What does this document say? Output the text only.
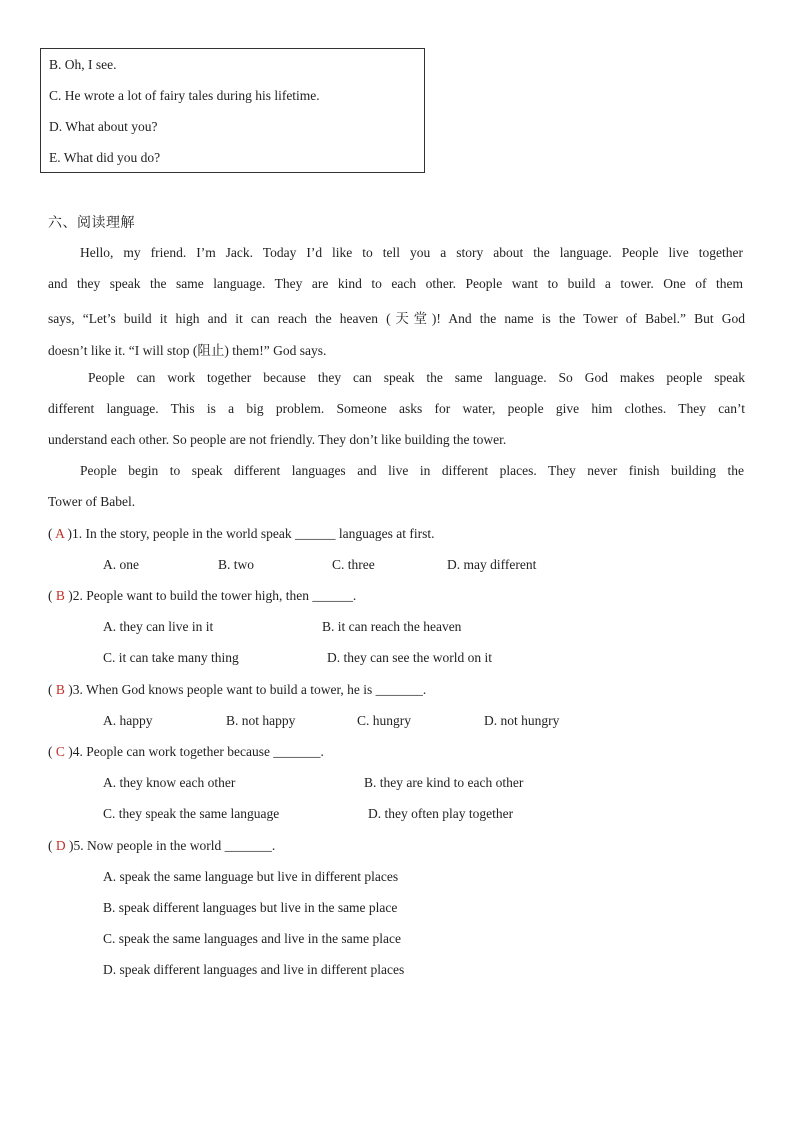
B. Oh, I see.
C. He wrote a lot of fairy tales during his lifetime.
D. What about you?
E. What did you do?
六、阅读理解
Hello, my friend. I’m Jack. Today I’d like to tell you a story about the language. People live together
and they speak the same language. They are kind to each other. People want to build a tower. One of them
says, “Let’s build it high and it can reach the heaven (天堂)! And the name is the Tower of Babel.” But God
doesn’t like it. “I will stop (阻止) them!” God says.
People can work together because they can speak the same language. So God makes people speak
different language. This is a big problem. Someone asks for water, people give him clothes. They can’t
understand each other. So people are not friendly. They don’t like building the tower.
People begin to speak different languages and live in different places. They never finish building the
Tower of Babel.
( A )1. In the story, people in the world speak ______ languages at first.
A. one	B. two	C. three	D. may different
( B )2. People want to build the tower high, then ______.
A. they can live in it	B. it can reach the heaven
C. it can take many thing	D. they can see the world on it
( B )3. When God knows people want to build a tower, he is _______.
A. happy	B. not happy	C. hungry	D. not hungry
( C )4. People can work together because _______.
A. they know each other	B. they are kind to each other
C. they speak the same language	D. they often play together
( D )5. Now people in the world _______.
A. speak the same language but live in different places
B. speak different languages but live in the same place
C. speak the same languages and live in the same place
D. speak different languages and live in different places
